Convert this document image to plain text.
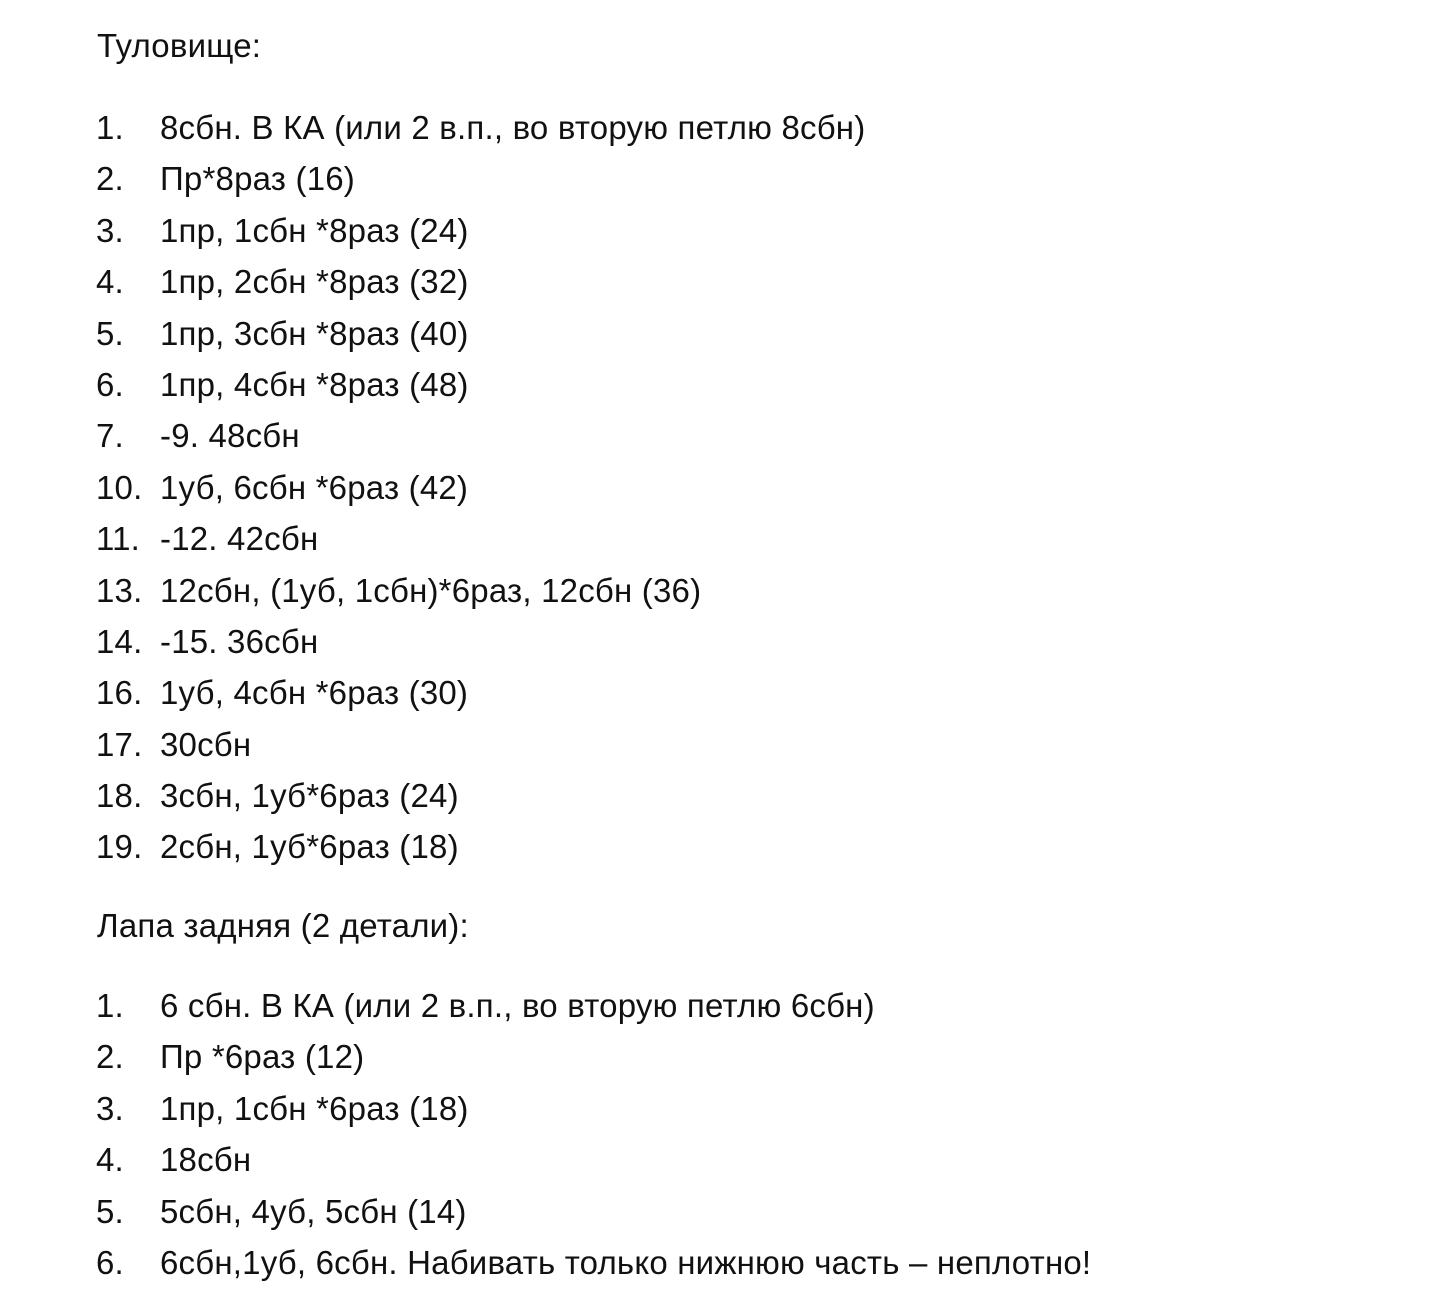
Туловище:
1. 8сбн. В КА (или 2 в.п., во вторую петлю 8сбн)
2. Пр*8раз (16)
3. 1пр, 1сбн *8раз (24)
4. 1пр, 2сбн *8раз (32)
5. 1пр, 3сбн *8раз (40)
6. 1пр, 4сбн *8раз (48)
7. -9. 48сбн
10. 1уб, 6сбн *6раз (42)
11. -12. 42сбн
13. 12сбн, (1уб, 1сбн)*6раз, 12сбн (36)
14. -15. 36сбн
16. 1уб, 4сбн *6раз (30)
17. 30сбн
18. 3сбн, 1уб*6раз (24)
19. 2сбн, 1уб*6раз (18)
Лапа задняя (2 детали):
1. 6 сбн. В КА (или 2 в.п., во вторую петлю 6сбн)
2. Пр *6раз (12)
3. 1пр, 1сбн *6раз (18)
4. 18сбн
5. 5сбн, 4уб, 5сбн (14)
6. 6сбн,1уб, 6сбн. Набивать только нижнюю часть – неплотно!
